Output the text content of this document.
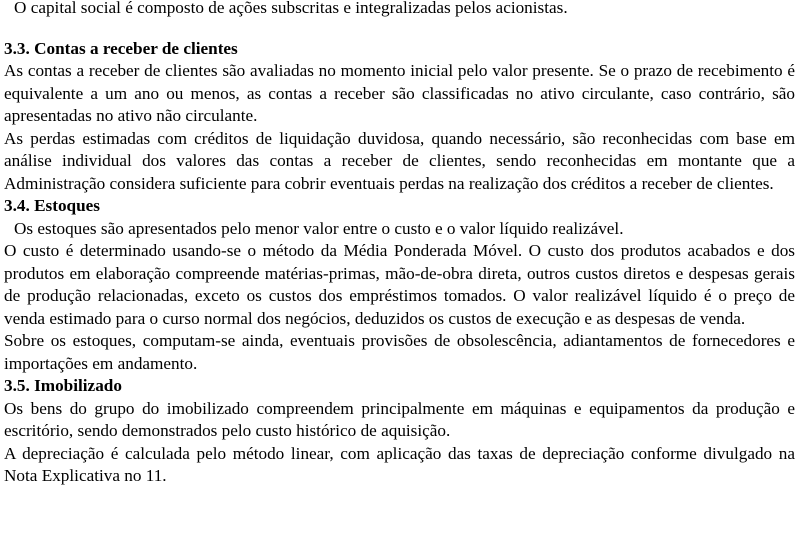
O capital social é composto de ações subscritas e integralizadas pelos acionistas.

3.3. Contas a receber de clientes

As contas a receber de clientes são avaliadas no momento inicial pelo valor presente. Se o prazo de recebimento é equivalente a um ano ou menos, as contas a receber são classificadas no ativo circulante, caso contrário, são apresentadas no ativo não circulante.

As perdas estimadas com créditos de liquidação duvidosa, quando necessário, são reconhecidas com base em análise individual dos valores das contas a receber de clientes, sendo reconhecidas em montante que a Administração considera suficiente para cobrir eventuais perdas na realização dos créditos a receber de clientes.

3.4. Estoques

Os estoques são apresentados pelo menor valor entre o custo e o valor líquido realizável.

O custo é determinado usando-se o método da Média Ponderada Móvel. O custo dos produtos acabados e dos produtos em elaboração compreende matérias-primas, mão-de-obra direta, outros custos diretos e despesas gerais de produção relacionadas, exceto os custos dos empréstimos tomados. O valor realizável líquido é o preço de venda estimado para o curso normal dos negócios, deduzidos os custos de execução e as despesas de venda.

Sobre os estoques, computam-se ainda, eventuais provisões de obsolescência, adiantamentos de fornecedores e importações em andamento.

3.5. Imobilizado

Os bens do grupo do imobilizado compreendem principalmente em máquinas e equipamentos da produção e escritório, sendo demonstrados pelo custo histórico de aquisição.

A depreciação é calculada pelo método linear, com aplicação das taxas de depreciação conforme divulgado na Nota Explicativa no 11.
